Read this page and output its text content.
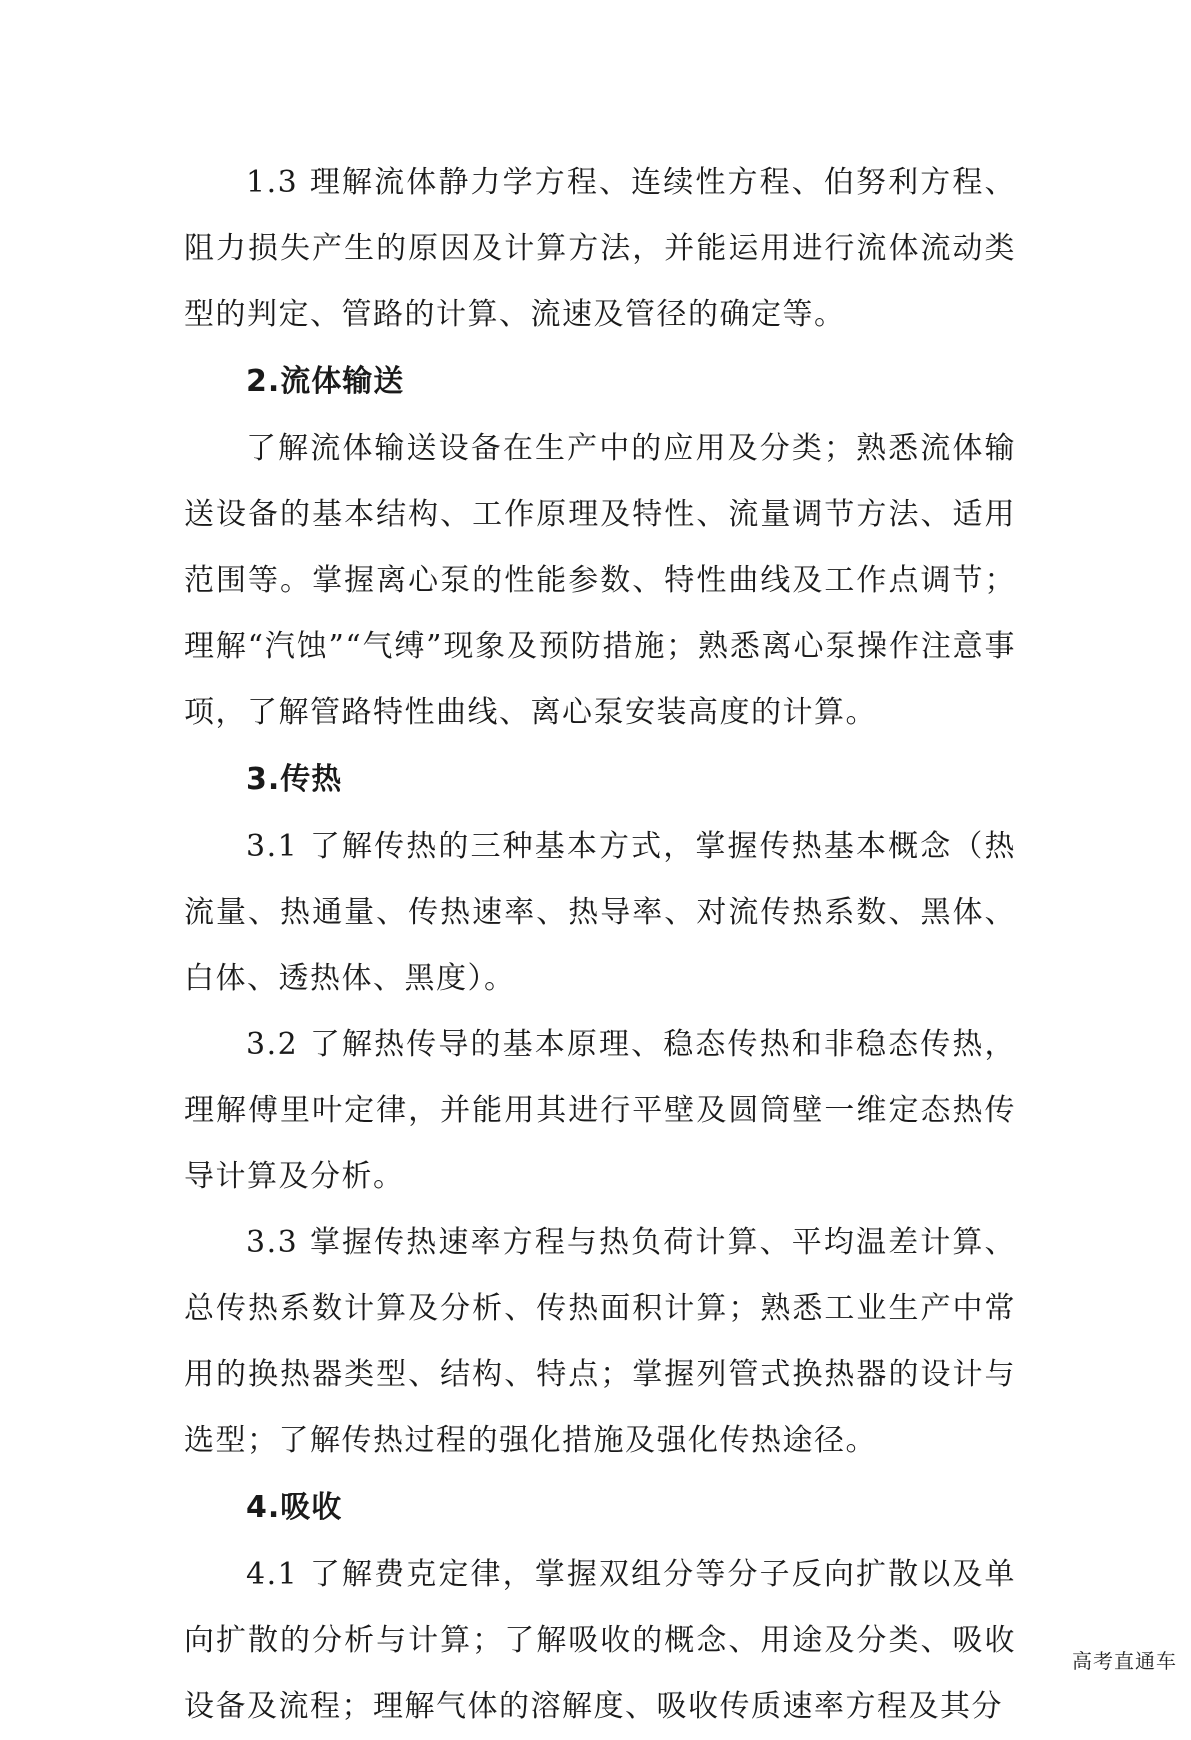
1.3 理解流体静力学方程、连续性方程、伯努利方程、阻力损失产生的原因及计算方法，并能运用进行流体流动类型的判定、管路的计算、流速及管径的确定等。

2.流体输送

了解流体输送设备在生产中的应用及分类；熟悉流体输送设备的基本结构、工作原理及特性、流量调节方法、适用范围等。掌握离心泵的性能参数、特性曲线及工作点调节；理解“汽蚀”“气缚”现象及预防措施；熟悉离心泵操作注意事项，了解管路特性曲线、离心泵安装高度的计算。

3.传热

3.1 了解传热的三种基本方式，掌握传热基本概念（热流量、热通量、传热速率、热导率、对流传热系数、黑体、白体、透热体、黑度）。

3.2 了解热传导的基本原理、稳态传热和非稳态传热，理解傅里叶定律，并能用其进行平壁及圆筒壁一维定态热传导计算及分析。

3.3 掌握传热速率方程与热负荷计算、平均温差计算、总传热系数计算及分析、传热面积计算；熟悉工业生产中常用的换热器类型、结构、特点；掌握列管式换热器的设计与选型；了解传热过程的强化措施及强化传热途径。

4.吸收

4.1 了解费克定律，掌握双组分等分子反向扩散以及单向扩散的分析与计算；了解吸收的概念、用途及分类、吸收设备及流程；理解气体的溶解度、吸收传质速率方程及其分

高考直通车
